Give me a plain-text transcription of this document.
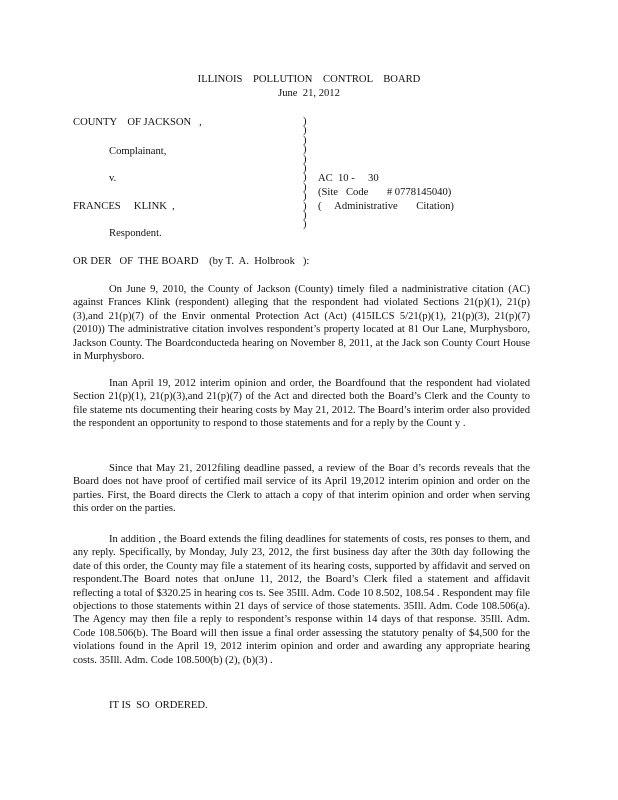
ILLINOIS    POLLUTION    CONTROL    BOARD
June  21, 2012
COUNTY    OF JACKSON   ,
Complainant,
v.
FRANCES     KLINK  ,
Respondent.
)
)
)
)
)
)
)
)
)
)
)
)
AC  10 -     30
(Site   Code       # 0778145040)
(     Administrative       Citation)
OR DER   OF  THE BOARD    (by T.  A.  Holbrook   ):
On June 9, 2010, the County of Jackson (County) timely filed a nadministrative citation (AC) against Frances Klink (respondent) alleging that the respondent had violated Sections 21(p)(1), 21(p)(3),and 21(p)(7) of the Envir onmental Protection Act (Act) (415ILCS 5/21(p)(1), 21(p)(3), 21(p)(7) (2010)) The administrative citation involves respondent’s property located at 81 Our Lane, Murphysboro, Jackson County. The Boardconducteda hearing on November 8, 2011, at the Jack son County Court House in Murphysboro.
Inan April 19, 2012 interim opinion and order, the Boardfound that the respondent had violated Section 21(p)(1), 21(p)(3),and 21(p)(7) of the Act and directed both the Board’s Clerk and the County to file stateme nts documenting their hearing costs by May 21, 2012. The Board’s interim order also provided the respondent an opportunity to respond to those statements and for a reply by the Count y .
Since that May 21, 2012filing deadline passed, a review of the Boar d’s records reveals that the Board does not have proof of certified mail service of its April 19,2012 interim opinion and order on the parties. First, the Board directs the Clerk to attach a copy of that interim opinion and order when serving this order on the parties.
In addition , the Board extends the filing deadlines for statements of costs, res ponses to them, and any reply. Specifically, by Monday, July 23, 2012, the first business day after the 30th day following the date of this order, the County may file a statement of its hearing costs, supported by affidavit and served on respondent.The Board notes that onJune 11, 2012, the Board’s Clerk filed a statement and affidavit reflecting a total of $320.25 in hearing cos ts. See 35Ill. Adm. Code 10 8.502, 108.54 . Respondent may file objections to those statements within 21 days of service of those statements. 35Ill. Adm. Code 108.506(a). The Agency may then file a reply to respondent’s response within 14 days of that response. 35Ill. Adm. Code 108.506(b). The Board will then issue a final order assessing the statutory penalty of $4,500 for the violations found in the April 19, 2012 interim opinion and order and awarding any appropriate hearing costs. 35Ill. Adm. Code 108.500(b) (2), (b)(3) .
IT IS  SO  ORDERED.
